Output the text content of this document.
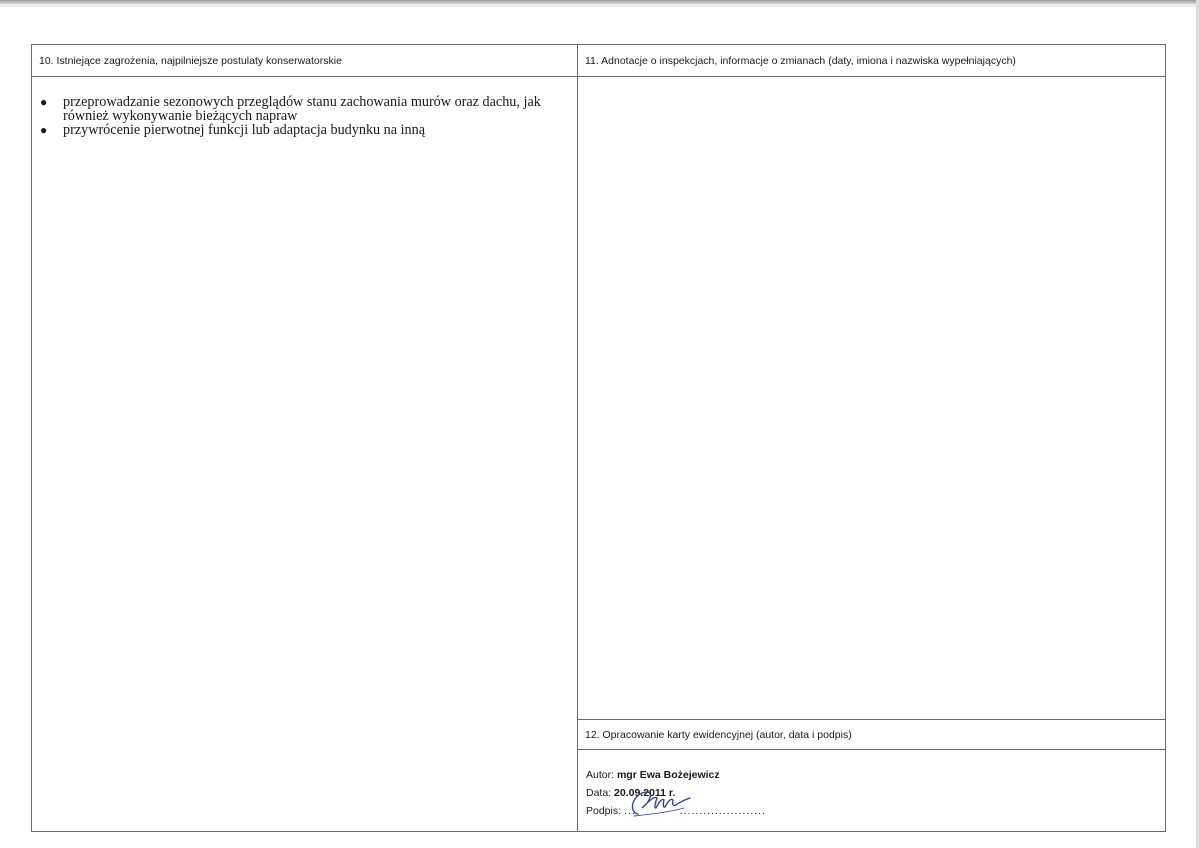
10. Istniejące zagrożenia, najpilniejsze postulaty konserwatorskie
● przeprowadzanie sezonowych przeglądów stanu zachowania murów oraz dachu, jak również wykonywanie bieżących napraw
● przywrócenie pierwotnej funkcji lub adaptacja budynku na inną
11. Adnotacje o inspekcjach, informacje o zmianach (daty, imiona i nazwiska wypełniających)
12. Opracowanie karty ewidencyjnej (autor, data i podpis)
Autor: mgr Ewa Bożejewicz
Data: 20.09.2011 r.
Podpis: ...	......................
